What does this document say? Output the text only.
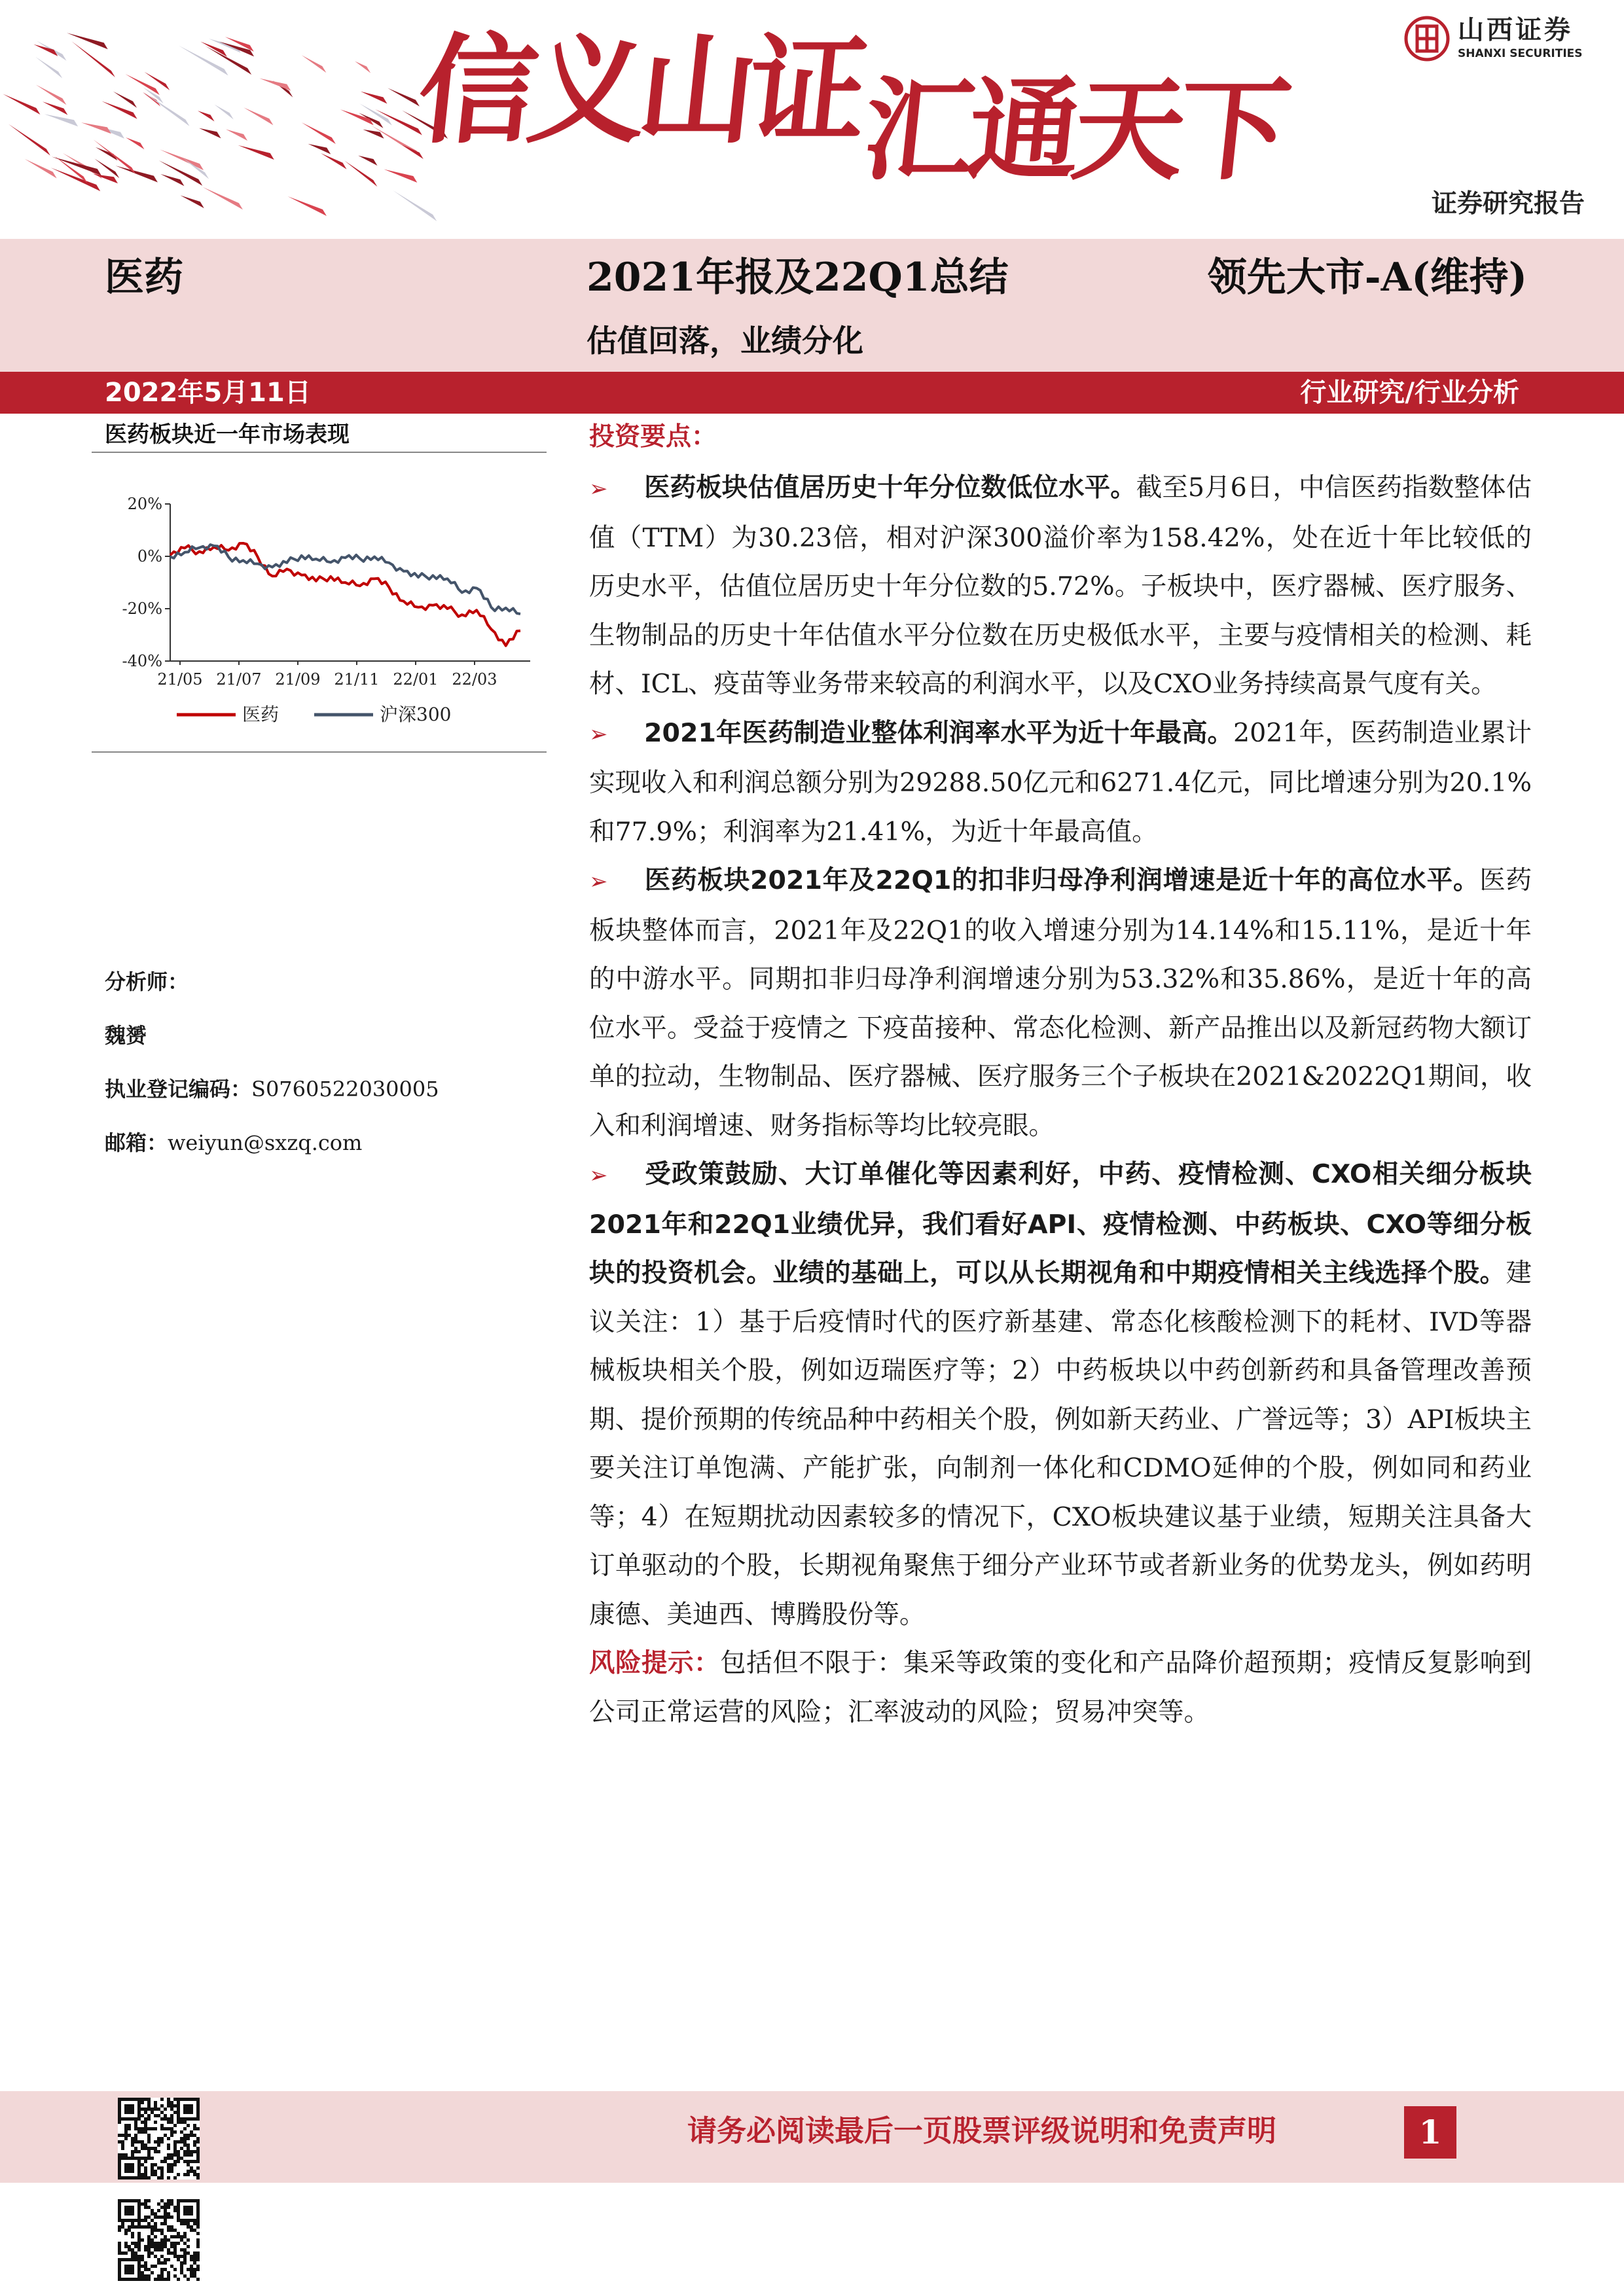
信义山证
汇通天下
山西证券
SHANXI SECURITIES
证券研究报告
医药	2021年报及22Q1总结	领先大市-A(维持)
估值回落，业绩分化
2022年5月11日	行业研究/行业分析
医药板块近一年市场表现
20%
0%
-20%
-40%
21/05 21/07 21/09 21/11 22/01 22/03
医药	沪深300
分析师：
魏赟
执业登记编码：S0760522030005
邮箱：weiyun@sxzq.com
投资要点：

➢ 医药板块估值居历史十年分位数低位水平。截至5月6日，中信医药指数整体估值（TTM）为30.23倍，相对沪深300溢价率为158.42%，处在近十年比较低的历史水平，估值位居历史十年分位数的5.72%。子板块中，医疗器械、医疗服务、生物制品的历史十年估值水平分位数在历史极低水平，主要与疫情相关的检测、耗材、ICL、疫苗等业务带来较高的利润水平，以及CXO业务持续高景气度有关。

➢ 2021年医药制造业整体利润率水平为近十年最高。2021年，医药制造业累计实现收入和利润总额分别为29288.50亿元和6271.4亿元，同比增速分别为20.1%和77.9%；利润率为21.41%，为近十年最高值。

➢ 医药板块2021年及22Q1的扣非归母净利润增速是近十年的高位水平。医药板块整体而言，2021年及22Q1的收入增速分别为14.14%和15.11%，是近十年的中游水平。同期扣非归母净利润增速分别为53.32%和35.86%，是近十年的高位水平。受益于疫情之 下疫苗接种、常态化检测、新产品推出以及新冠药物大额订单的拉动，生物制品、医疗器械、医疗服务三个子板块在2021&2022Q1期间，收入和利润增速、财务指标等均比较亮眼。

➢ 受政策鼓励、大订单催化等因素利好，中药、疫情检测、CXO相关细分板块2021年和22Q1业绩优异，我们看好API、疫情检测、中药板块、CXO等细分板块的投资机会。业绩的基础上，可以从长期视角和中期疫情相关主线选择个股。建议关注：1）基于后疫情时代的医疗新基建、常态化核酸检测下的耗材、IVD等器械板块相关个股，例如迈瑞医疗等；2）中药板块以中药创新药和具备管理改善预期、提价预期的传统品种中药相关个股，例如新天药业、广誉远等；3）API板块主要关注订单饱满、产能扩张，向制剂一体化和CDMO延伸的个股，例如同和药业等；4）在短期扰动因素较多的情况下，CXO板块建议基于业绩，短期关注具备大订单驱动的个股，长期视角聚焦于细分产业环节或者新业务的优势龙头，例如药明康德、美迪西、博腾股份等。

风险提示：包括但不限于：集采等政策的变化和产品降价超预期；疫情反复影响到公司正常运营的风险；汇率波动的风险；贸易冲突等。

请务必阅读最后一页股票评级说明和免责声明	1
